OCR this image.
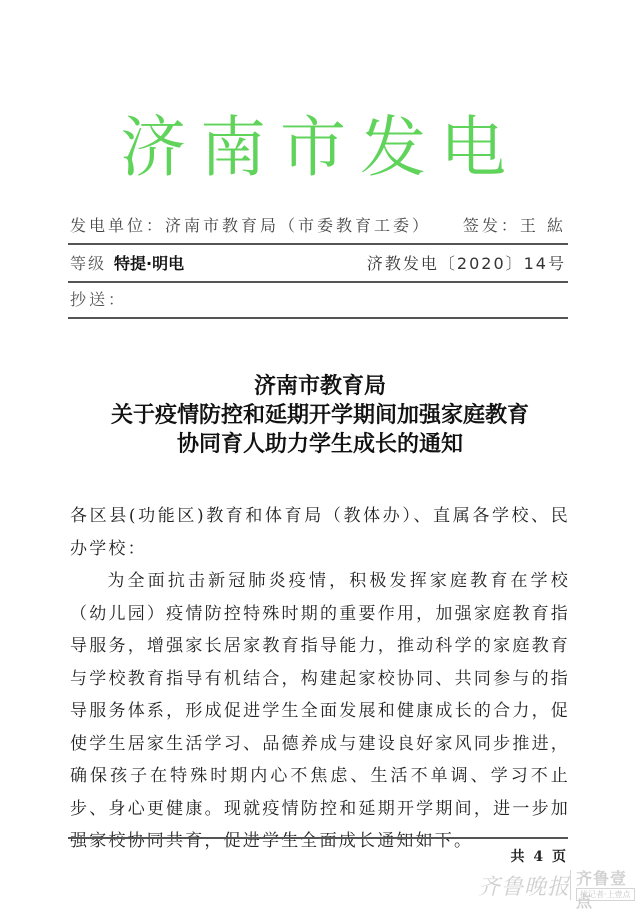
济南市发电
发电单位：济南市教育局（市委教育工委） 签发：王 紘
等级 特提·明电	济教发电〔2020〕14号
抄送：
济南市教育局
关于疫情防控和延期开学期间加强家庭教育
协同育人助力学生成长的通知

各区县(功能区)教育和体育局（教体办）、直属各学校、民办学校：

为全面抗击新冠肺炎疫情，积极发挥家庭教育在学校（幼儿园）疫情防控特殊时期的重要作用，加强家庭教育指导服务，增强家长居家教育指导能力，推动科学的家庭教育与学校教育指导有机结合，构建起家校协同、共同参与的指导服务体系，形成促进学生全面发展和健康成长的合力，促使学生居家生活学习、品德养成与建设良好家风同步推进，确保孩子在特殊时期内心不焦虑、生活不单调、学习不止步、身心更健康。现就疫情防控和延期开学期间，进一步加强家校协同共育，促进学生全面成长通知如下。

共 4 页
齐鲁晚报 齐鲁壹点
找记者·上壹点
